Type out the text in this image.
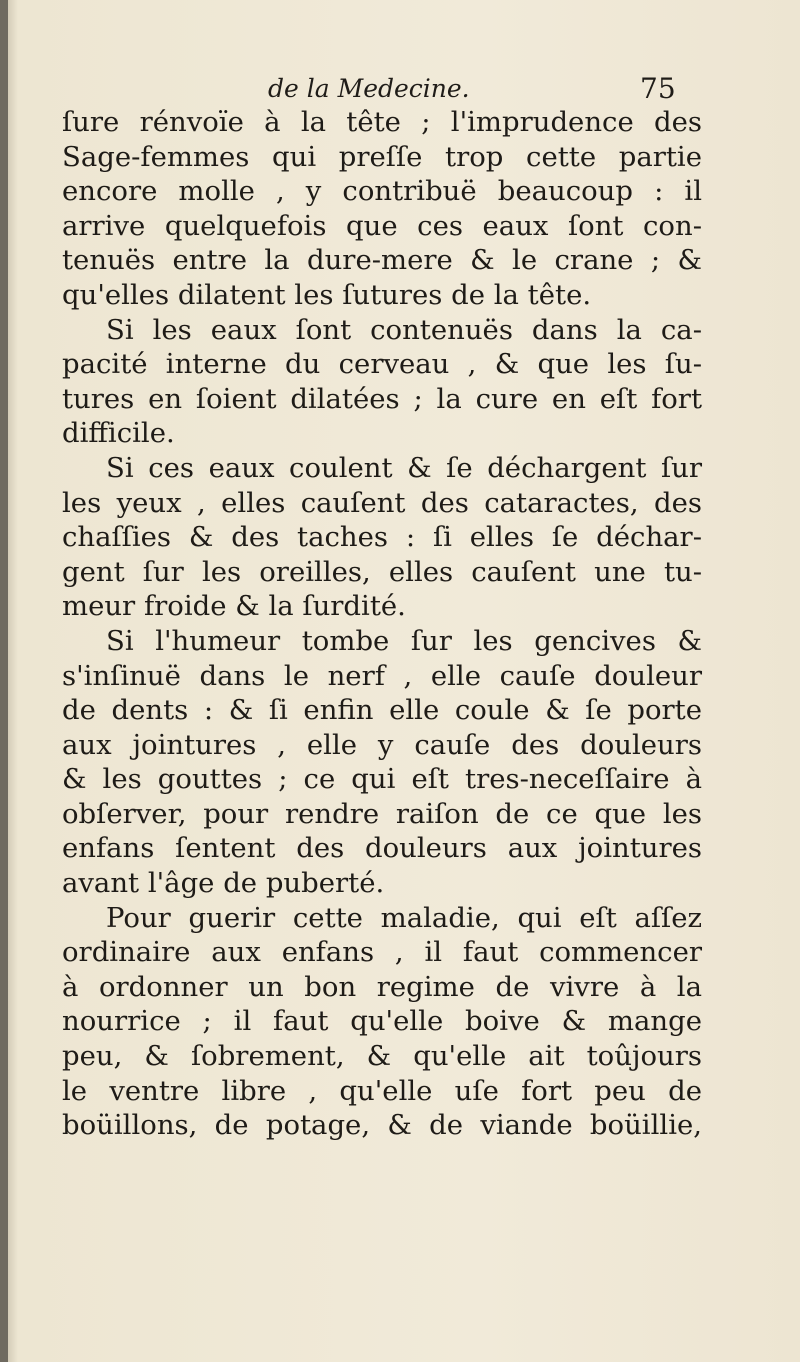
de la Medecine.	75
ſure rénvoïe à la tête ; l'imprudence des
Sage-femmes qui preſſe trop cette partie
encore molle , y contribuë beaucoup : il
arrive quelquefois que ces eaux ſont con-
tenuës entre la dure-mere & le crane ; &
qu'elles dilatent les ſutures de la tête.
Si les eaux ſont contenuës dans la ca-
pacité interne du cerveau , & que les ſu-
tures en ſoient dilatées ; la cure en eſt fort
difficile.
Si ces eaux coulent & ſe déchargent ſur
les yeux , elles cauſent des cataractes, des
chaſſies & des taches : ſi elles ſe déchar-
gent ſur les oreilles, elles cauſent une tu-
meur froide & la ſurdité.
Si l'humeur tombe ſur les gencives &
s'inſinuë dans le nerf , elle cauſe douleur
de dents : & ſi enfin elle coule & ſe porte
aux jointures , elle y cauſe des douleurs
& les gouttes ; ce qui eſt tres-neceſſaire à
obſerver, pour rendre raiſon de ce que les
enfans ſentent des douleurs aux jointures
avant l'âge de puberté.
Pour guerir cette maladie, qui eſt aſſez
ordinaire aux enfans , il faut commencer
à ordonner un bon regime de vivre à la
nourrice ; il faut qu'elle boive & mange
peu, & ſobrement, & qu'elle ait toûjours
le ventre libre , qu'elle uſe fort peu de
boüillons, de potage, & de viande boüillie,
